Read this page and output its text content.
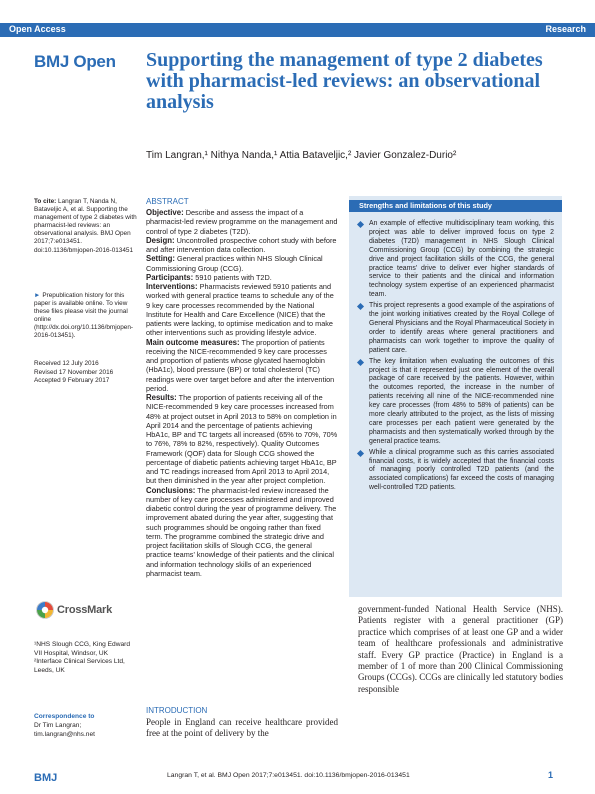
Open Access	Research
BMJ Open Supporting the management of type 2 diabetes with pharmacist-led reviews: an observational analysis
Tim Langran,¹ Nithya Nanda,¹ Attia Bataveljic,² Javier Gonzalez-Durio²
To cite: Langran T, Nanda N, Bataveljic A, et al. Supporting the management of type 2 diabetes with pharmacist-led reviews: an observational analysis. BMJ Open 2017;7:e013451. doi:10.1136/bmjopen-2016-013451
► Prepublication history for this paper is available online. To view these files please visit the journal online (http://dx.doi.org/10.1136/bmjopen-2016-013451).
Received 12 July 2016
Revised 17 November 2016
Accepted 9 February 2017
CrossMark
¹NHS Slough CCG, King Edward VII Hospital, Windsor, UK
²Interface Clinical Services Ltd, Leeds, UK
Correspondence to
Dr Tim Langran;
tim.langran@nhs.net
ABSTRACT

Objective: Describe and assess the impact of a pharmacist-led review programme on the management and control of type 2 diabetes (T2D).

Design: Uncontrolled prospective cohort study with before and after intervention data collection.

Setting: General practices within NHS Slough Clinical Commissioning Group (CCG).

Participants: 5910 patients with T2D.

Interventions: Pharmacists reviewed 5910 patients and worked with general practice teams to schedule any of the 9 key care processes recommended by the National Institute for Health and Care Excellence (NICE) that the patients were lacking, to optimise medication and to make other interventions such as providing lifestyle advice.

Main outcome measures: The proportion of patients receiving the NICE-recommended 9 key care processes and proportion of patients whose glycated haemoglobin (HbA1c), blood pressure (BP) or total cholesterol (TC) readings were over target before and after the intervention period.

Results: The proportion of patients receiving all of the NICE-recommended 9 key care processes increased from 48% at project outset in April 2013 to 58% on completion in April 2014 and the percentage of patients achieving HbA1c, BP and TC targets all increased (65% to 70%, 70% to 76%, 78% to 82%, respectively). Quality Outcomes Framework (QOF) data for Slough CCG showed the percentage of diabetic patients achieving target HbA1c, BP and TC readings increased from April 2013 to April 2014, but then diminished in the year after project completion.

Conclusions: The pharmacist-led review increased the number of key care processes administered and improved diabetic control during the year of programme delivery. The improvement abated during the year after, suggesting that such programmes should be ongoing rather than fixed term. The programme combined the strategic drive and project facilitation skills of Slough CCG, the general practice teams' knowledge of their patients and the clinical and information technology skills of an experienced pharmacist team.

INTRODUCTION
People in England can receive healthcare provided free at the point of delivery by the
Strengths and limitations of this study
An example of effective multidisciplinary team working, this project was able to deliver improved focus on type 2 diabetes (T2D) management in NHS Slough Clinical Commissioning Group (CCG) by combining the strategic drive and project facilitation skills of the CCG, the general practice teams' drive to deliver ever higher standards of service to their patients and the clinical and information technology system expertise of an experienced pharmacist team.
This project represents a good example of the aspirations of the joint working initiatives created by the Royal College of General Physicians and the Royal Pharmaceutical Society in order to identify areas where general practitioners and pharmacists can work together to improve the quality of patient care.
The key limitation when evaluating the outcomes of this project is that it represented just one element of the overall package of care received by the patients. However, within the outcomes reported, the increase in the number of patients receiving all nine of the NICE-recommended nine key care processes (from 48% to 58% of patients) can be more clearly attributed to the project, as the lists of missing care processes per each patient were generated by the pharmacists and then systematically worked through by the general practice teams.
While a clinical programme such as this carries associated financial costs, it is widely accepted that the financial costs of managing poorly controlled T2D patients (and the associated complications) far exceed the costs of managing well-controlled T2D patients.
government-funded National Health Service (NHS). Patients register with a general practitioner (GP) practice which comprises of at least one GP and a wider team of healthcare professionals and administrative staff. Every GP practice (Practice) in England is a member of 1 of more than 200 Clinical Commissioning Groups (CCGs). CCGs are clinically led statutory bodies responsible
BMJ	Langran T, et al. BMJ Open 2017;7:e013451. doi:10.1136/bmjopen-2016-013451	1
